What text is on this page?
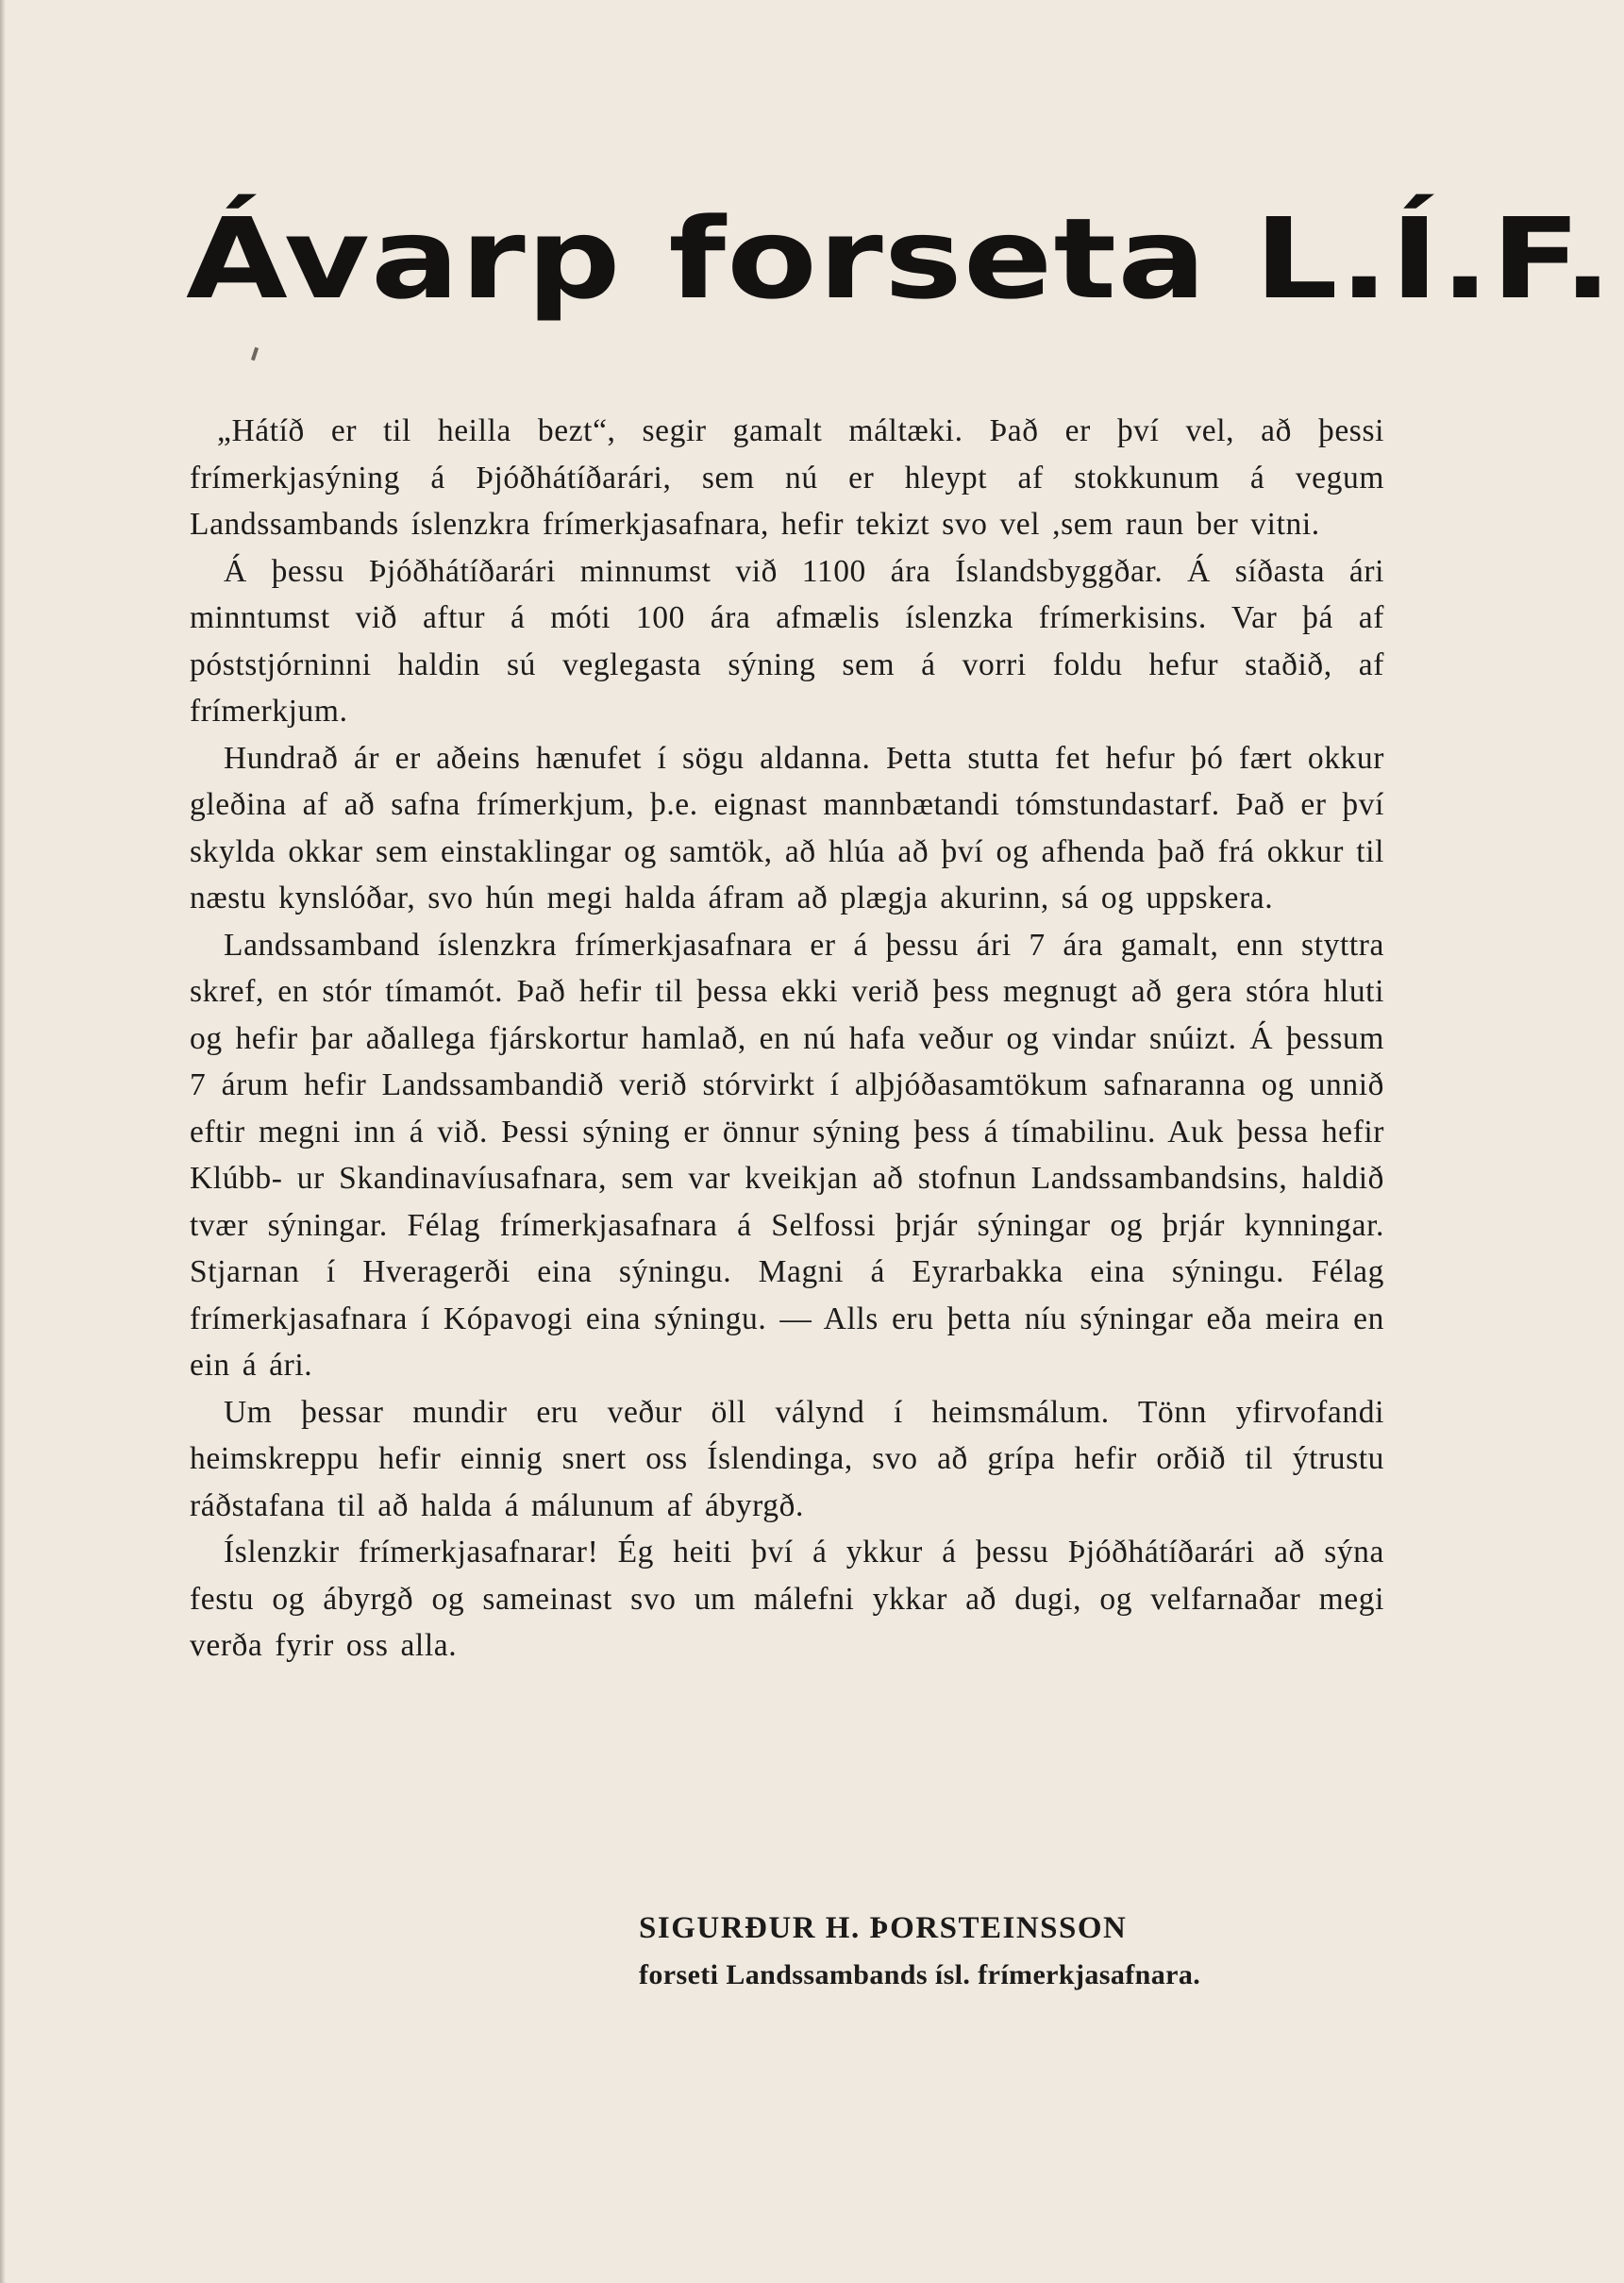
Ávarp forseta L.Í.F.

„Hátíð er til heilla bezt“, segir gamalt máltæki. Það er því vel, að þessi frímerkjasýning á Þjóðhátíðarári, sem nú er hleypt af stokkunum á vegum Landssambands íslenzkra frímerkjasafnara, hefir tekizt svo vel ,sem raun ber vitni.

Á þessu Þjóðhátíðarári minnumst við 1100 ára Íslandsbyggðar. Á síðasta ári minntumst við aftur á móti 100 ára afmælis íslenzka frímerkisins. Var þá af póststjórninni haldin sú veglegasta sýning sem á vorri foldu hefur staðið, af frímerkjum.

Hundrað ár er aðeins hænufet í sögu aldanna. Þetta stutta fet hefur þó fært okkur gleðina af að safna frímerkjum, þ.e. eignast mannbætandi tómstundastarf. Það er því skylda okkar sem einstaklingar og samtök, að hlúa að því og afhenda það frá okkur til næstu kynslóðar, svo hún megi halda áfram að plægja akurinn, sá og uppskera.

Landssamband íslenzkra frímerkjasafnara er á þessu ári 7 ára gamalt, enn styttra skref, en stór tímamót. Það hefir til þessa ekki verið þess megnugt að gera stóra hluti og hefir þar aðallega fjárskortur hamlað, en nú hafa veður og vindar snúizt. Á þessum 7 árum hefir Landssambandið verið stórvirkt í alþjóðasamtökum safnaranna og unnið eftir megni inn á við. Þessi sýning er önnur sýning þess á tímabilinu. Auk þessa hefir Klúbb- ur Skandinavíusafnara, sem var kveikjan að stofnun Landssambandsins, haldið tvær sýningar. Félag frímerkjasafnara á Selfossi þrjár sýningar og þrjár kynningar. Stjarnan í Hveragerði eina sýningu. Magni á Eyrarbakka eina sýningu. Félag frímerkjasafnara í Kópavogi eina sýningu. — Alls eru þetta níu sýningar eða meira en ein á ári.

Um þessar mundir eru veður öll válynd í heimsmálum. Tönn yfirvofandi heimskreppu hefir einnig snert oss Íslendinga, svo að grípa hefir orðið til ýtrustu ráðstafana til að halda á málunum af ábyrgð.

Íslenzkir frímerkjasafnarar! Ég heiti því á ykkur á þessu Þjóðhátíðarári að sýna festu og ábyrgð og sameinast svo um málefni ykkar að dugi, og velfarnaðar megi verða fyrir oss alla.

SIGURÐUR H. ÞORSTEINSSON
forseti Landssambands ísl. frímerkjasafnara.
